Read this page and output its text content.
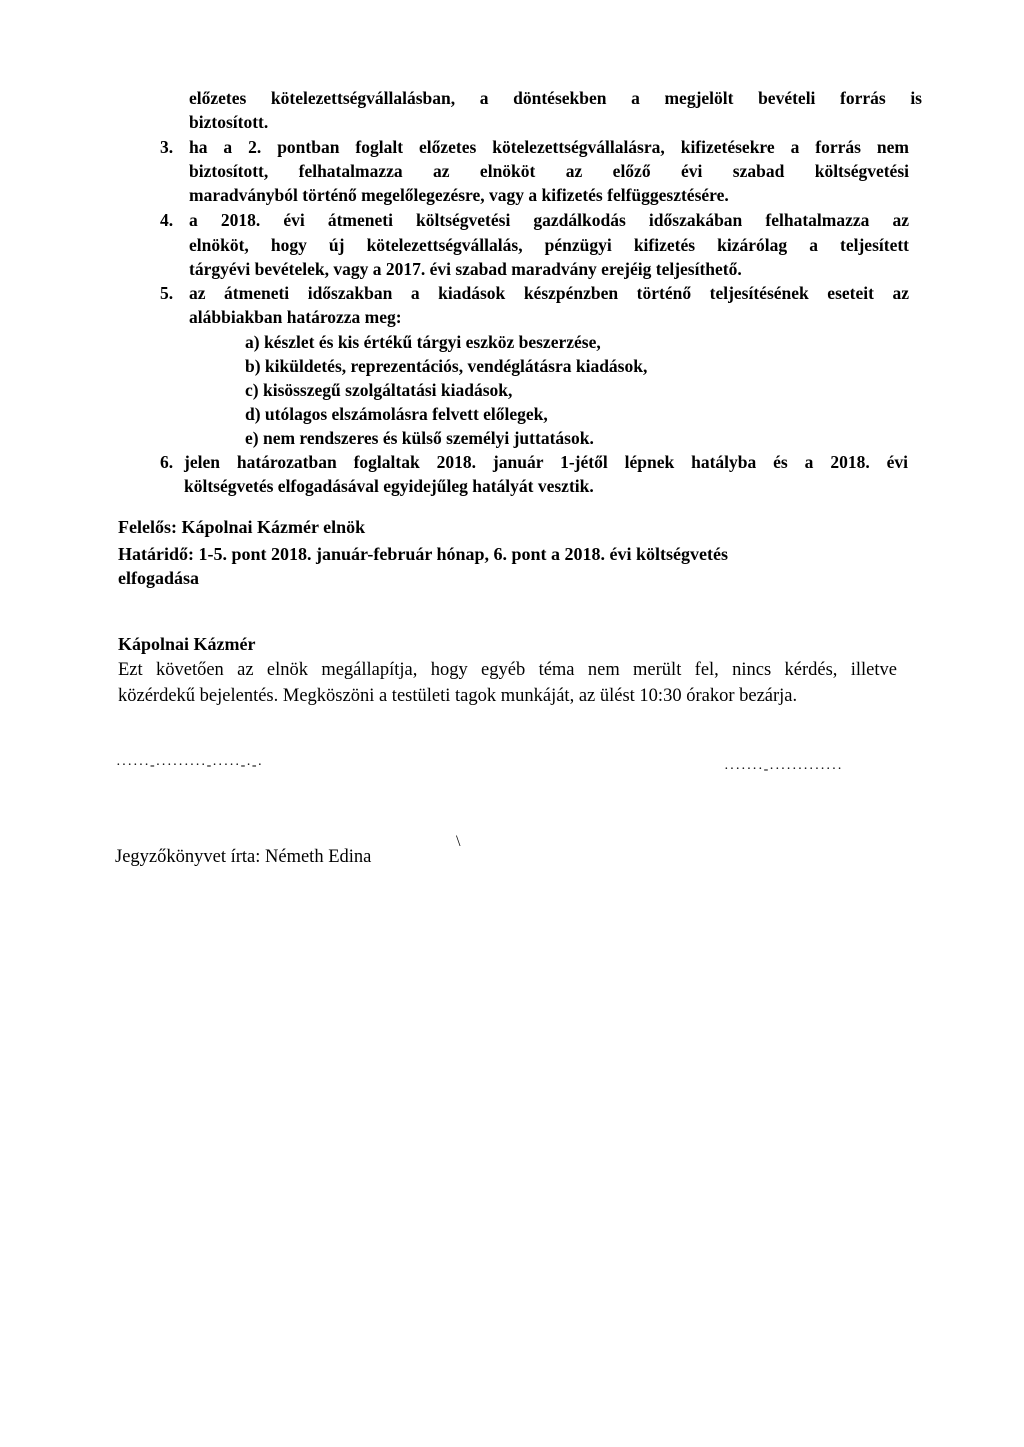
előzetes kötelezettségvállalásban, a döntésekben a megjelölt bevételi forrás is
biztosított.
3. ha a 2. pontban foglalt előzetes kötelezettségvállalásra, kifizetésekre a forrás nem
biztosított, felhatalmazza az elnököt az előző évi szabad költségvetési
maradványból történő megelőlegezésre, vagy a kifizetés felfüggesztésére.
4. a 2018. évi átmeneti költségvetési gazdálkodás időszakában felhatalmazza az
elnököt, hogy új kötelezettségvállalás, pénzügyi kifizetés kizárólag a teljesített
tárgyévi bevételek, vagy a 2017. évi szabad maradvány erejéig teljesíthető.
5. az átmeneti időszakban a kiadások készpénzben történő teljesítésének eseteit az
alábbiakban határozza meg:
a) készlet és kis értékű tárgyi eszköz beszerzése,
b) kiküldetés, reprezentációs, vendéglátásra kiadások,
c) kisösszegű szolgáltatási kiadások,
d) utólagos elszámolásra felvett előlegek,
e) nem rendszeres és külső személyi juttatások.
6. jelen határozatban foglaltak 2018. január 1-jétől lépnek hatályba és a 2018. évi
költségvetés elfogadásával egyidejűleg hatályát vesztik.
Felelős: Kápolnai Kázmér elnök
Határidő: 1-5. pont 2018. január-február hónap, 6. pont a 2018. évi költségvetés
elfogadása
Kápolnai Kázmér
Ezt követően az elnök megállapítja, hogy egyéb téma nem merült fel, nincs kérdés, illetve
közérdekű bejelentés. Megköszöni a testületi tagok munkáját, az ülést 10:30 órakor bezárja.
······-·········-·····-·-·	·······-·············
Jegyzőkönyvet írta: Németh Edina
\
